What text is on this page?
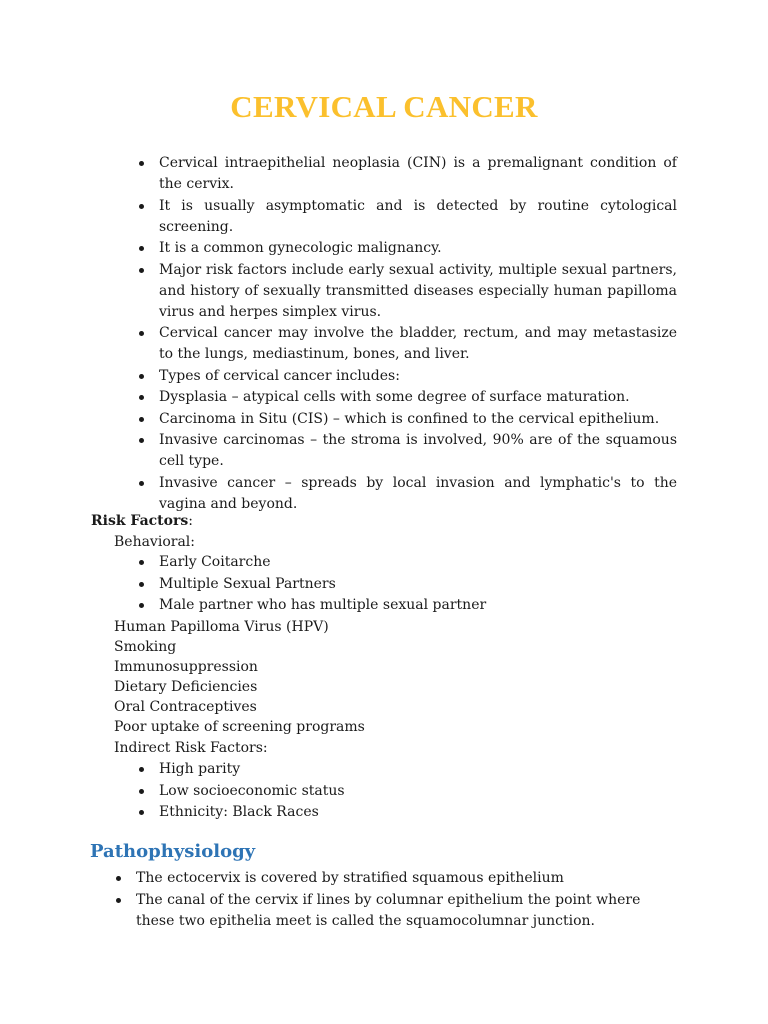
CERVICAL CANCER
Cervical intraepithelial neoplasia (CIN) is a premalignant condition of the cervix.
It is usually asymptomatic and is detected by routine cytological screening.
It is a common gynecologic malignancy.
Major risk factors include early sexual activity, multiple sexual partners, and history of sexually transmitted diseases especially human papilloma virus and herpes simplex virus.
Cervical cancer may involve the bladder, rectum, and may metastasize to the lungs, mediastinum, bones, and liver.
Types of cervical cancer includes:
Dysplasia – atypical cells with some degree of surface maturation.
Carcinoma in Situ (CIS) – which is confined to the cervical epithelium.
Invasive carcinomas – the stroma is involved, 90% are of the squamous cell type.
Invasive cancer – spreads by local invasion and lymphatic's to the vagina and beyond.
Risk Factors:
Behavioral:
Early Coitarche
Multiple Sexual Partners
Male partner who has multiple sexual partner
Human Papilloma Virus (HPV)
Smoking
Immunosuppression
Dietary Deficiencies
Oral Contraceptives
Poor uptake of screening programs
Indirect Risk Factors:
High parity
Low socioeconomic status
Ethnicity: Black Races
Pathophysiology
The ectocervix is covered by stratified squamous epithelium
The canal of the cervix if lines by columnar epithelium the point where these two epithelia meet is called the squamocolumnar junction.
